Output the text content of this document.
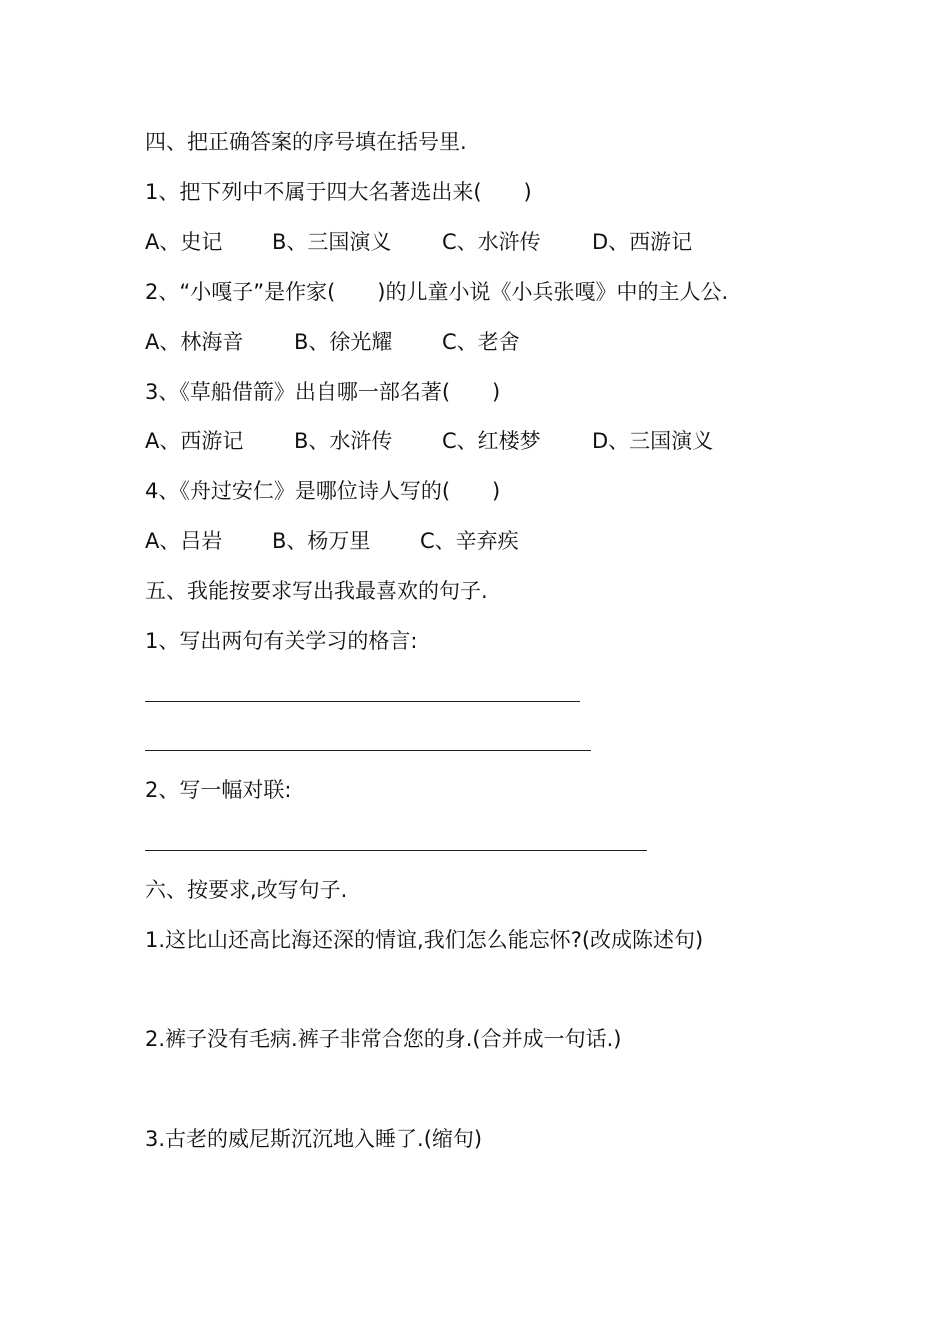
四、把正确答案的序号填在括号里.
1、把下列中不属于四大名著选出来(　　)
A、史记 B、三国演义 C、水浒传 D、西游记
2、“小嘎子”是作家(　　)的儿童小说《小兵张嘎》中的主人公.
A、林海音 B、徐光耀 C、老舍
3、《草船借箭》出自哪一部名著(　　)
A、西游记 B、水浒传 C、红楼梦 D、三国演义
4、《舟过安仁》是哪位诗人写的(　　)
A、吕岩 B、杨万里 C、辛弃疾
五、我能按要求写出我最喜欢的句子.
1、写出两句有关学习的格言:
2、写一幅对联:
六、按要求,改写句子.
1.这比山还高比海还深的情谊,我们怎么能忘怀?(改成陈述句)
2.裤子没有毛病.裤子非常合您的身.(合并成一句话.)
3.古老的威尼斯沉沉地入睡了.(缩句)
